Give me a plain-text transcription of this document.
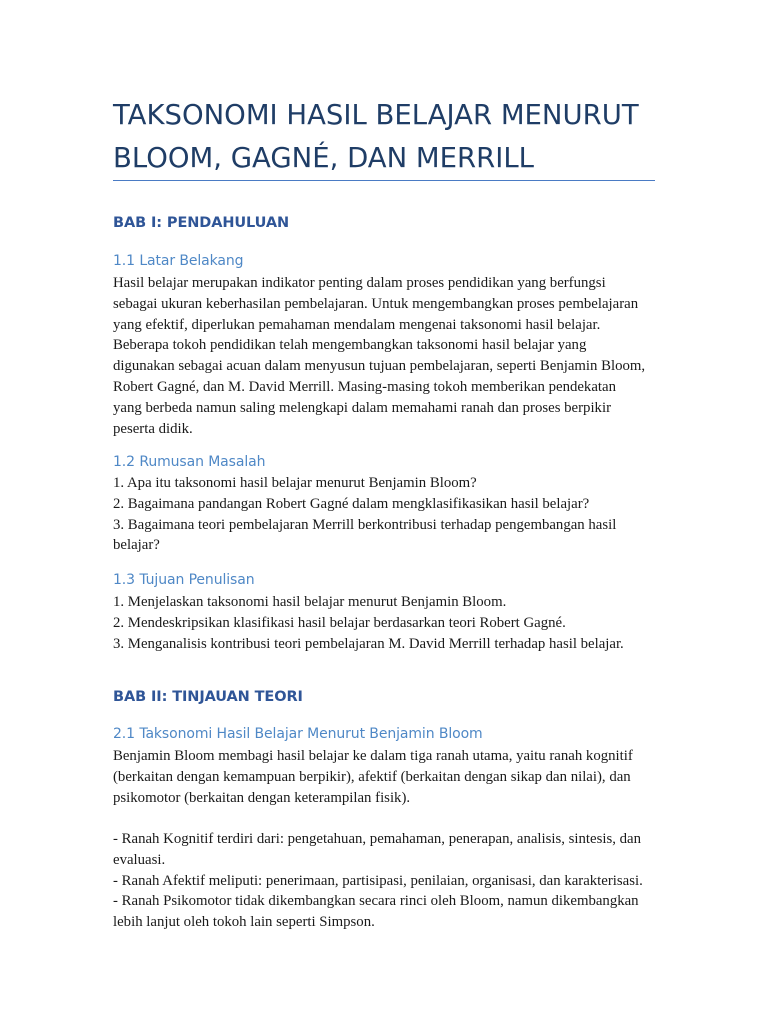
TAKSONOMI HASIL BELAJAR MENURUT
BLOOM, GAGNÉ, DAN MERRILL
BAB I: PENDAHULUAN
1.1 Latar Belakang
Hasil belajar merupakan indikator penting dalam proses pendidikan yang berfungsi
sebagai ukuran keberhasilan pembelajaran. Untuk mengembangkan proses pembelajaran
yang efektif, diperlukan pemahaman mendalam mengenai taksonomi hasil belajar.
Beberapa tokoh pendidikan telah mengembangkan taksonomi hasil belajar yang
digunakan sebagai acuan dalam menyusun tujuan pembelajaran, seperti Benjamin Bloom,
Robert Gagné, dan M. David Merrill. Masing-masing tokoh memberikan pendekatan
yang berbeda namun saling melengkapi dalam memahami ranah dan proses berpikir
peserta didik.
1.2 Rumusan Masalah
1. Apa itu taksonomi hasil belajar menurut Benjamin Bloom?
2. Bagaimana pandangan Robert Gagné dalam mengklasifikasikan hasil belajar?
3. Bagaimana teori pembelajaran Merrill berkontribusi terhadap pengembangan hasil
belajar?
1.3 Tujuan Penulisan
1. Menjelaskan taksonomi hasil belajar menurut Benjamin Bloom.
2. Mendeskripsikan klasifikasi hasil belajar berdasarkan teori Robert Gagné.
3. Menganalisis kontribusi teori pembelajaran M. David Merrill terhadap hasil belajar.
BAB II: TINJAUAN TEORI
2.1 Taksonomi Hasil Belajar Menurut Benjamin Bloom
Benjamin Bloom membagi hasil belajar ke dalam tiga ranah utama, yaitu ranah kognitif
(berkaitan dengan kemampuan berpikir), afektif (berkaitan dengan sikap dan nilai), dan
psikomotor (berkaitan dengan keterampilan fisik).
- Ranah Kognitif terdiri dari: pengetahuan, pemahaman, penerapan, analisis, sintesis, dan
evaluasi.
- Ranah Afektif meliputi: penerimaan, partisipasi, penilaian, organisasi, dan karakterisasi.
- Ranah Psikomotor tidak dikembangkan secara rinci oleh Bloom, namun dikembangkan
lebih lanjut oleh tokoh lain seperti Simpson.
